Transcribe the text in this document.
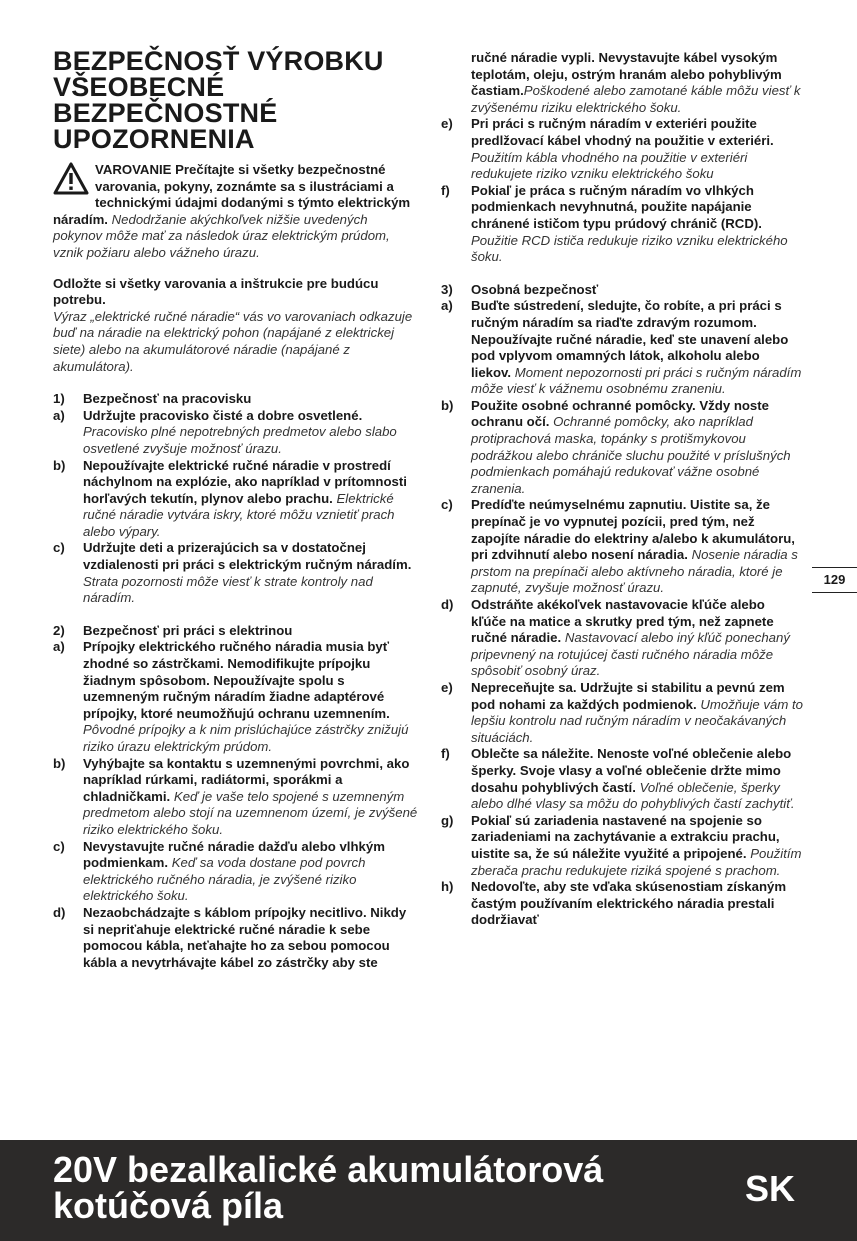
BEZPEČNOSŤ VÝROBKU VŠEOBECNÉ BEZPEČNOSTNÉ UPOZORNENIA
VAROVANIE Prečítajte si všetky bezpečnostné varovania, pokyny, zoznámte sa s ilustráciami a technickými údajmi dodanými s týmto elektrickým náradím. Nedodržanie akýchkoľvek nižšie uvedených pokynov môže mať za následok úraz elektrickým prúdom, vznik požiaru alebo vážneho úrazu.

Odložte si všetky varovania a inštrukcie pre budúcu potrebu.

Výraz „elektrické ručné náradie“ vás vo varovaniach odkazuje buď na náradie na elektrický pohon (napájané z elektrickej siete) alebo na akumulátorové náradie (napájané z akumulátora).

1)	Bezpečnosť na pracovisku
a)	Udržujte pracovisko čisté a dobre osvetlené. Pracovisko plné nepotrebných predmetov alebo slabo osvetlené zvyšuje možnosť úrazu.
b)	Nepoužívajte elektrické ručné náradie v prostredí náchylnom na explózie, ako napríklad v prítomnosti horľavých tekutín, plynov alebo prachu. Elektrické ručné náradie vytvára iskry, ktoré môžu vznietiť prach alebo výpary.
c)	Udržujte deti a prizerajúcich sa v dostatočnej vzdialenosti pri práci s elektrickým ručným náradím. Strata pozornosti môže viesť k strate kontroly nad náradím.
2)	Bezpečnosť pri práci s elektrinou
a)	Prípojky elektrického ručného náradia musia byť zhodné so zástrčkami. Nemodifikujte prípojku žiadnym spôsobom. Nepoužívajte spolu s uzemneným ručným náradím žiadne adaptérové prípojky, ktoré neumožňujú ochranu uzemnením. Pôvodné prípojky a k nim prislúchajúce zástrčky znižujú riziko úrazu elektrickým prúdom.
b)	Vyhýbajte sa kontaktu s uzemnenými povrchmi, ako napríklad rúrkami, radiátormi, sporákmi a chladničkami. Keď je vaše telo spojené s uzemneným predmetom alebo stojí na uzemnenom území, je zvýšené riziko elektrického šoku.
c)	Nevystavujte ručné náradie dažďu alebo vlhkým podmienkam. Keď sa voda dostane pod povrch elektrického ručného náradia, je zvýšené riziko elektrického šoku.
d)	Nezaobchádzajte s káblom prípojky necitlivo. Nikdy si nepriťahuje elektrické ručné náradie k sebe pomocou kábla, neťahajte ho za sebou pomocou kábla a nevytrhávajte kábel zo zástrčky aby ste
ručné náradie vypli. Nevystavujte kábel vysokým teplotám, oleju, ostrým hranám alebo pohyblivým častiam.Poškodené alebo zamotané káble môžu viesť k zvýšenému riziku elektrického šoku.
e)	Pri práci s ručným náradím v exteriéri použite predlžovací kábel vhodný na použitie v exteriéri. Použitím kábla vhodného na použitie v exteriéri redukujete riziko vzniku elektrického šoku
f)	Pokiaľ je práca s ručným náradím vo vlhkých podmienkach nevyhnutná, použite napájanie chránené ističom typu prúdový chránič (RCD). Použitie RCD ističa redukuje riziko vzniku elektrického šoku.
3)	Osobná bezpečnosť
a)	Buďte sústredení, sledujte, čo robíte, a pri práci s ručným náradím sa riaďte zdravým rozumom. Nepoužívajte ručné náradie, keď ste unavení alebo pod vplyvom omamných látok, alkoholu alebo liekov. Moment nepozornosti pri práci s ručným náradím môže viesť k vážnemu osobnému zraneniu.
b)	Použite osobné ochranné pomôcky. Vždy noste ochranu očí. Ochranné pomôcky, ako napríklad protiprachová maska, topánky s protišmykovou podrážkou alebo chrániče sluchu použité v príslušných podmienkach pomáhajú redukovať vážne osobné zranenia.
c)	Predíďte neúmyselnému zapnutiu. Uistite sa, že prepínač je vo vypnutej pozícii, pred tým, než zapojíte náradie do elektriny a/alebo k akumulátoru, pri zdvihnutí alebo nosení náradia. Nosenie náradia s prstom na prepínači alebo aktívneho náradia, ktoré je zapnuté, zvyšuje možnosť úrazu.
d)	Odstráňte akékoľvek nastavovacie kľúče alebo kľúče na matice a skrutky pred tým, než zapnete ručné náradie. Nastavovací alebo iný kľúč ponechaný pripevnený na rotujúcej časti ručného náradia môže spôsobiť osobný úraz.
e)	Nepreceňujte sa. Udržujte si stabilitu a pevnú zem pod nohami za každých podmienok. Umožňuje vám to lepšiu kontrolu nad ručným náradím v neočakávaných situáciách.
f)	Oblečte sa náležite. Nenoste voľné oblečenie alebo šperky. Svoje vlasy a voľné oblečenie držte mimo dosahu pohyblivých častí. Voľné oblečenie, šperky alebo dlhé vlasy sa môžu do pohyblivých častí zachytiť.
g)	Pokiaľ sú zariadenia nastavené na spojenie so zariadeniami na zachytávanie a extrakciu prachu, uistite sa, že sú náležite využité a pripojené. Použitím zberača prachu redukujete riziká spojené s prachom.
h)	Nedovoľte, aby ste vďaka skúsenostiam získaným častým používaním elektrického náradia prestali dodržiavať
129
20V bezalkalické akumulátorová kotúčová píla	SK
